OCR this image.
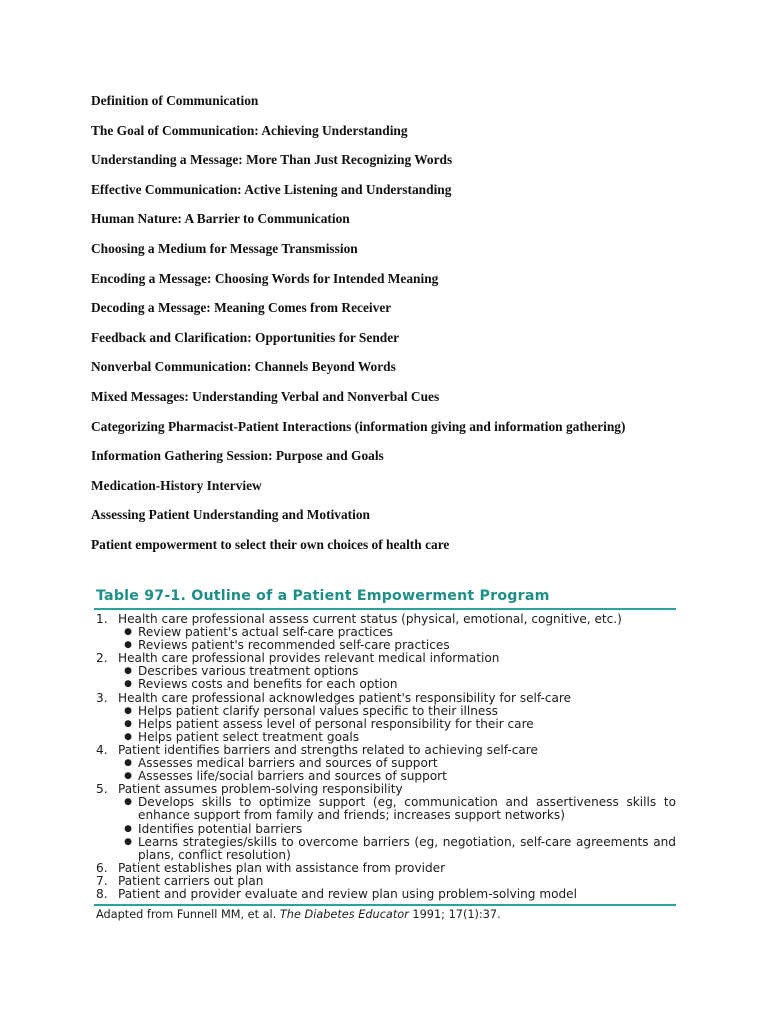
Definition of Communication

The Goal of Communication: Achieving Understanding

Understanding a Message: More Than Just Recognizing Words

Effective Communication: Active Listening and Understanding

Human Nature: A Barrier to Communication

Choosing a Medium for Message Transmission

Encoding a Message: Choosing Words for Intended Meaning

Decoding a Message: Meaning Comes from Receiver

Feedback and Clarification: Opportunities for Sender

Nonverbal Communication: Channels Beyond Words

Mixed Messages: Understanding Verbal and Nonverbal Cues

Categorizing Pharmacist-Patient Interactions (information giving and information gathering)

Information Gathering Session: Purpose and Goals

Medication-History Interview

Assessing Patient Understanding and Motivation

Patient empowerment to select their own choices of health care

Table 97-1. Outline of a Patient Empowerment Program
1. Health care professional assess current status (physical, emotional, cognitive, etc.)
● Review patient's actual self-care practices
● Reviews patient's recommended self-care practices
2. Health care professional provides relevant medical information
● Describes various treatment options
● Reviews costs and benefits for each option
3. Health care professional acknowledges patient's responsibility for self-care
● Helps patient clarify personal values specific to their illness
● Helps patient assess level of personal responsibility for their care
● Helps patient select treatment goals
4. Patient identifies barriers and strengths related to achieving self-care
● Assesses medical barriers and sources of support
● Assesses life/social barriers and sources of support
5. Patient assumes problem-solving responsibility
● Develops skills to optimize support (eg, communication and assertiveness skills to enhance support from family and friends; increases support networks)
● Identifies potential barriers
● Learns strategies/skills to overcome barriers (eg, negotiation, self-care agreements and plans, conflict resolution)
6. Patient establishes plan with assistance from provider
7. Patient carriers out plan
8. Patient and provider evaluate and review plan using problem-solving model
Adapted from Funnell MM, et al. The Diabetes Educator 1991; 17(1):37.
